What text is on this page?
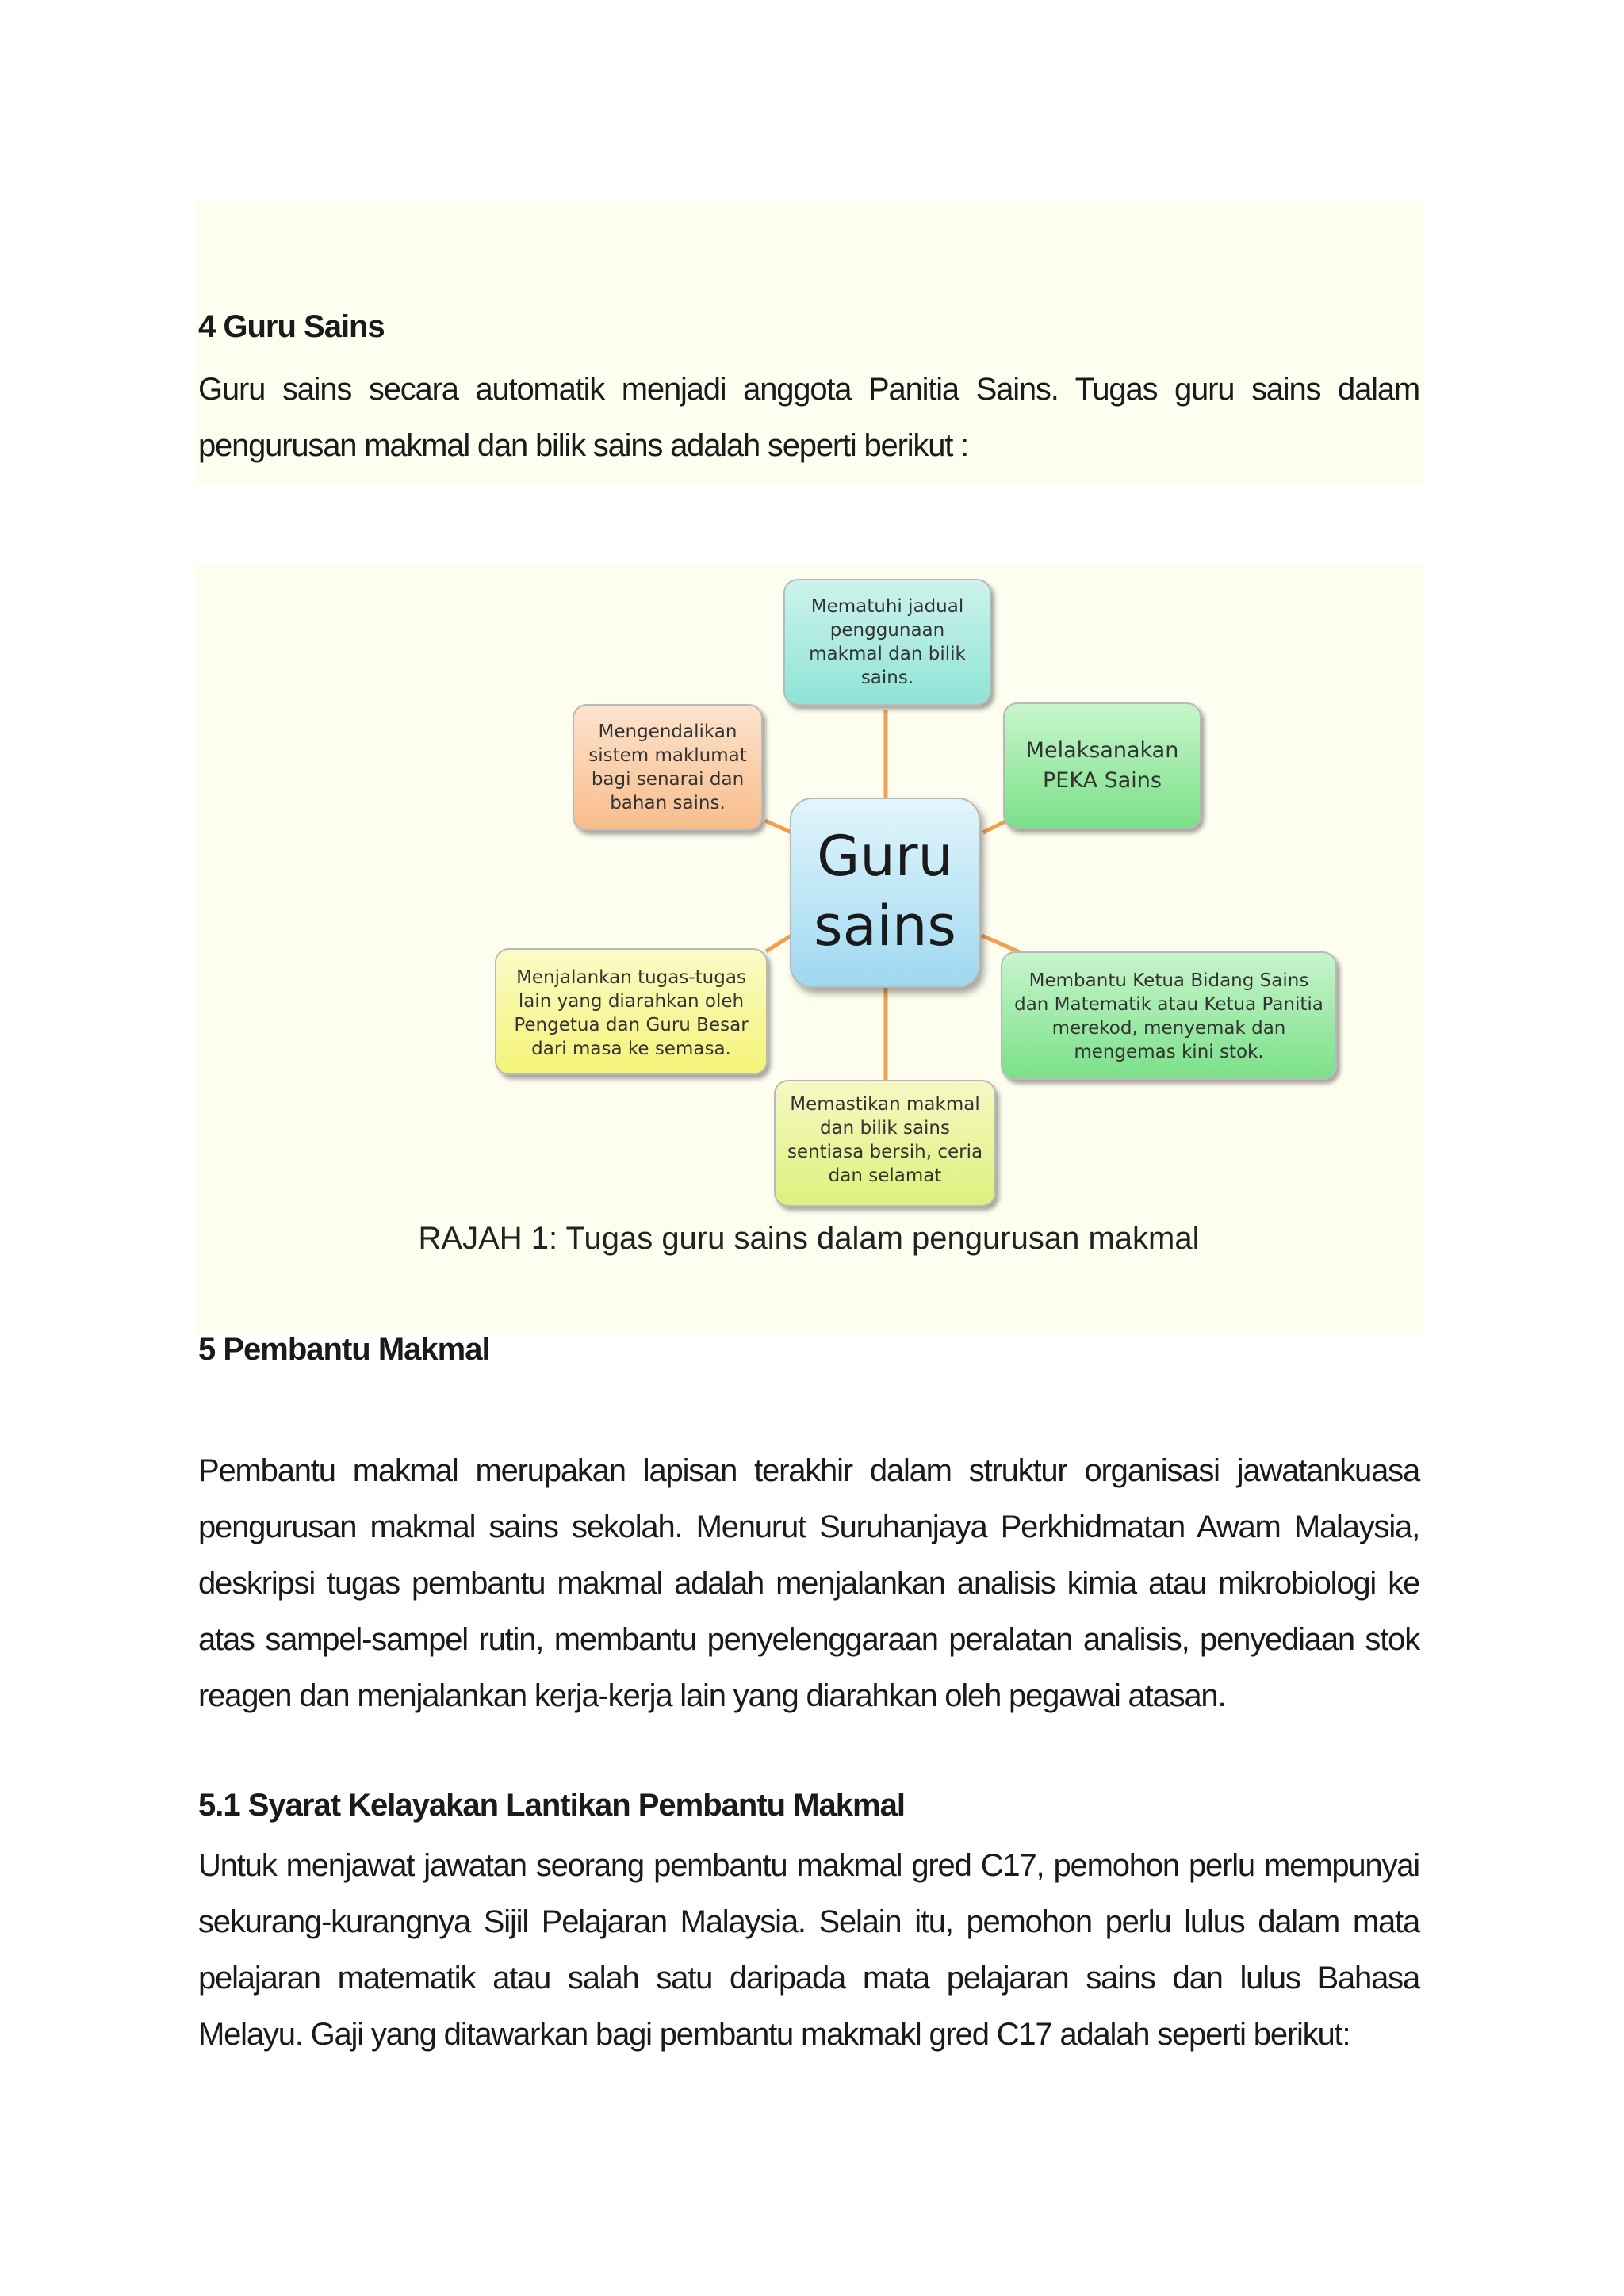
4 Guru Sains

Guru sains secara automatik menjadi anggota Panitia Sains. Tugas guru sains dalam pengurusan makmal dan bilik sains adalah seperti berikut :

Mematuhi jadual penggunaan makmal dan bilik sains.
Melaksanakan PEKA Sains
Membantu Ketua Bidang Sains dan Matematik atau Ketua Panitia merekod, menyemak dan mengemas kini stok.
Memastikan makmal dan bilik sains sentiasa bersih, ceria dan selamat
Menjalankan tugas-tugas lain yang diarahkan oleh Pengetua dan Guru Besar dari masa ke semasa.
Mengendalikan sistem maklumat bagi senarai dan bahan sains.
Guru
sains

RAJAH 1: Tugas guru sains dalam pengurusan makmal

5 Pembantu Makmal

Pembantu makmal merupakan lapisan terakhir dalam struktur organisasi jawatankuasa pengurusan makmal sains sekolah. Menurut Suruhanjaya Perkhidmatan Awam Malaysia, deskripsi tugas pembantu makmal adalah menjalankan analisis kimia atau mikrobiologi ke atas sampel-sampel rutin, membantu penyelenggaraan peralatan analisis, penyediaan stok reagen dan menjalankan kerja-kerja lain yang diarahkan oleh pegawai atasan.

5.1 Syarat Kelayakan Lantikan Pembantu Makmal

Untuk menjawat jawatan seorang pembantu makmal gred C17, pemohon perlu mempunyai sekurang-kurangnya Sijil Pelajaran Malaysia. Selain itu, pemohon perlu lulus dalam mata pelajaran matematik atau salah satu daripada mata pelajaran sains dan lulus Bahasa Melayu. Gaji yang ditawarkan bagi pembantu makmakl gred C17 adalah seperti berikut:
